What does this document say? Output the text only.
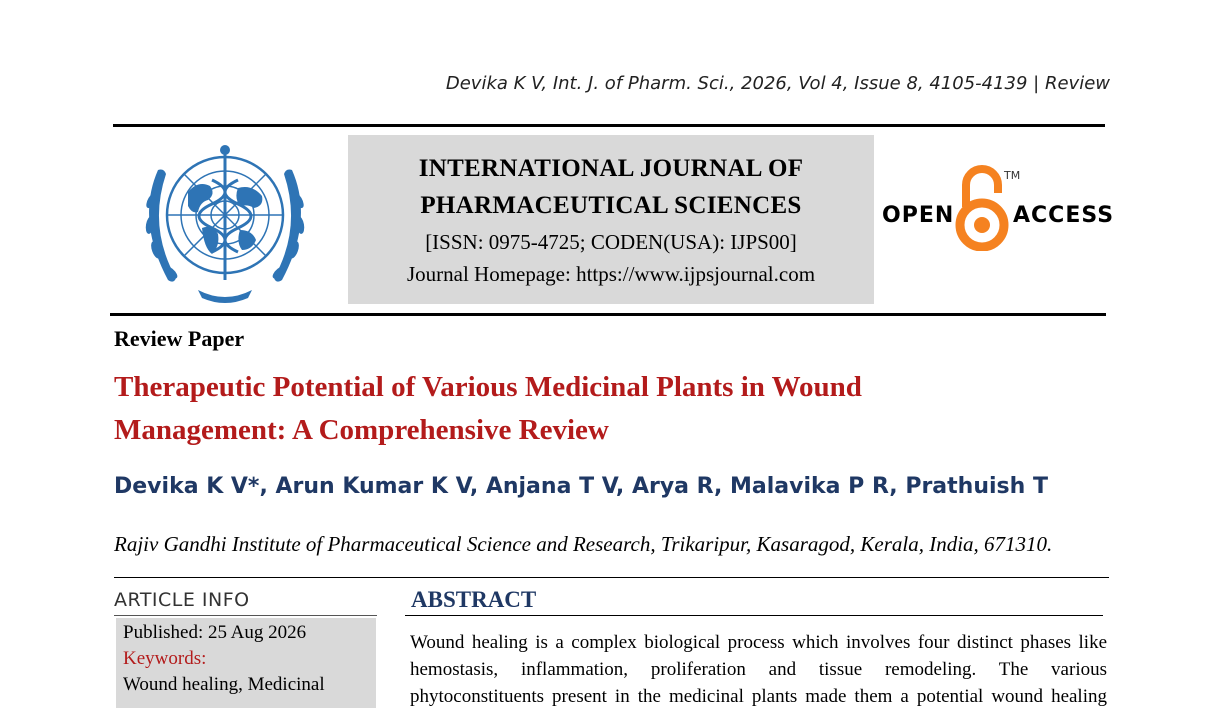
Devika K V, Int. J. of Pharm. Sci., 2026, Vol 4, Issue 8, 4105-4139 | Review
INTERNATIONAL JOURNAL OF
PHARMACEUTICAL SCIENCES
[ISSN: 0975-4725; CODEN(USA): IJPS00]
Journal Homepage: https://www.ijpsjournal.com
OPEN
TM
ACCESS
Review Paper
Therapeutic Potential of Various Medicinal Plants in Wound
Management: A Comprehensive Review
Devika K V*, Arun Kumar K V, Anjana T V, Arya R, Malavika P R, Prathuish T
Rajiv Gandhi Institute of Pharmaceutical Science and Research, Trikaripur, Kasaragod, Kerala, India, 671310.
ARTICLE INFO
Published: 25 Aug 2026
Keywords:
Wound healing, Medicinal
ABSTRACT
Wound healing is a complex biological process which involves four distinct phases like
hemostasis, inflammation, proliferation and tissue remodeling. The various
phytoconstituents present in the medicinal plants made them a potential wound healing
